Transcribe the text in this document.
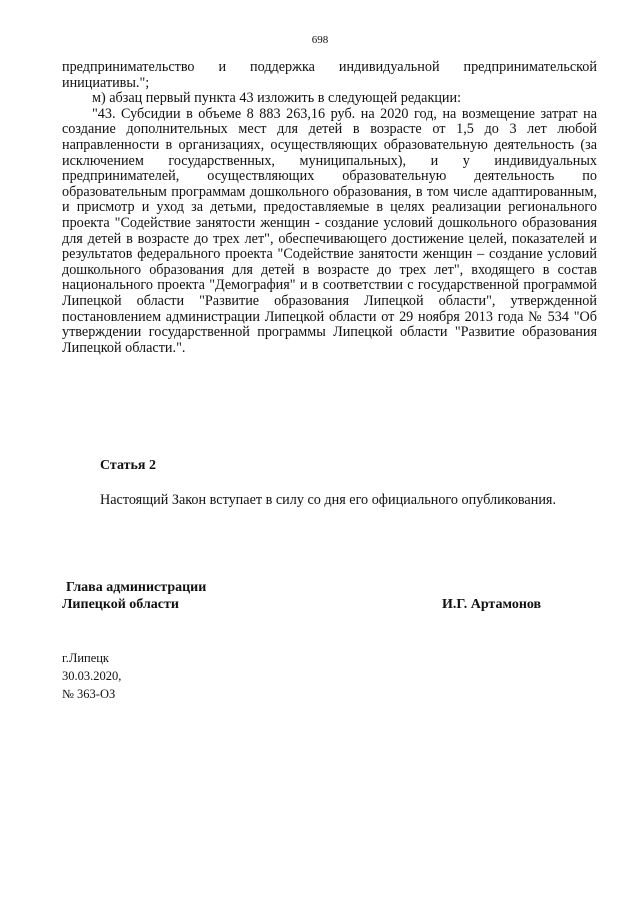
698

предпринимательство и поддержка индивидуальной предпринимательской инициативы.";

м) абзац первый пункта 43 изложить в следующей редакции:

"43. Субсидии в объеме 8 883 263,16 руб. на 2020 год, на возмещение затрат на создание дополнительных мест для детей в возрасте от 1,5 до 3 лет любой направленности в организациях, осуществляющих образовательную деятельность (за исключением государственных, муниципальных), и у индивидуальных предпринимателей, осуществляющих образовательную деятельность по образовательным программам дошкольного образования, в том числе адаптированным, и присмотр и уход за детьми, предоставляемые в целях реализации регионального проекта "Содействие занятости женщин - создание условий дошкольного образования для детей в возрасте до трех лет", обеспечивающего достижение целей, показателей и результатов федерального проекта "Содействие занятости женщин – создание условий дошкольного образования для детей в возрасте до трех лет", входящего в состав национального проекта "Демография" и в соответствии с государственной программой Липецкой области "Развитие образования Липецкой области", утвержденной постановлением администрации Липецкой области от 29 ноября 2013 года № 534 "Об утверждении государственной программы Липецкой области "Развитие образования Липецкой области.".

Статья 2
Настоящий Закон вступает в силу со дня его официального опубликования.
Глава администрации
Липецкой области	И.Г. Артамонов
г.Липецк
30.03.2020,
№ 363-ОЗ
